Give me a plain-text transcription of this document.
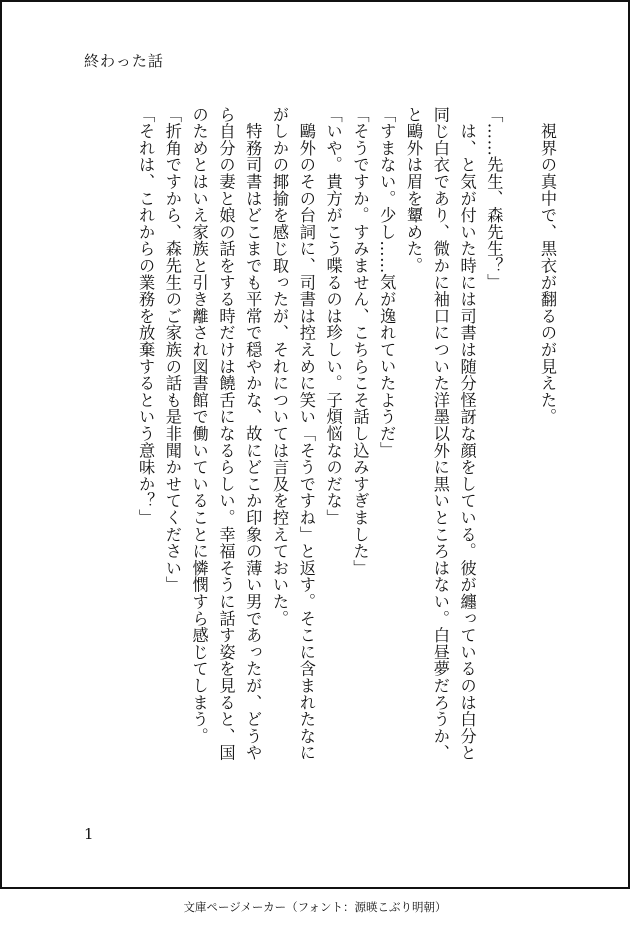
終わった話
　視界の真中で、黒衣が翻るのが見えた。

「……先生、森先生？」
　は、と気が付いた時には司書は随分怪訝な顔をしている。彼が纏っているのは白分と
同じ白衣であり、微かに袖口についた洋墨以外に黒いところはない。白昼夢だろうか、
と鷗外は眉を顰めた。
「すまない。少し……気が逸れていたようだ」
「そうですか。すみません、こちらこそ話し込みすぎました」
「いや。貴方がこう喋るのは珍しい。子煩悩なのだな」
　鷗外のその台詞に、司書は控えめに笑い「そうですね」と返す。そこに含まれたなに
がしかの揶揄を感じ取ったが、それについては言及を控えておいた。
　特務司書はどこまでも平常で穏やかな、故にどこか印象の薄い男であったが、どうや
ら自分の妻と娘の話をする時だけは饒舌になるらしい。幸福そうに話す姿を見ると、国
のためとはいえ家族と引き離され図書館で働いていることに憐憫すら感じてしまう。
「折角ですから、森先生のご家族の話も是非聞かせてください」
「それは、これからの業務を放棄するという意味か？」
1
文庫ページメーカー（フォント：源暎こぶり明朝）
